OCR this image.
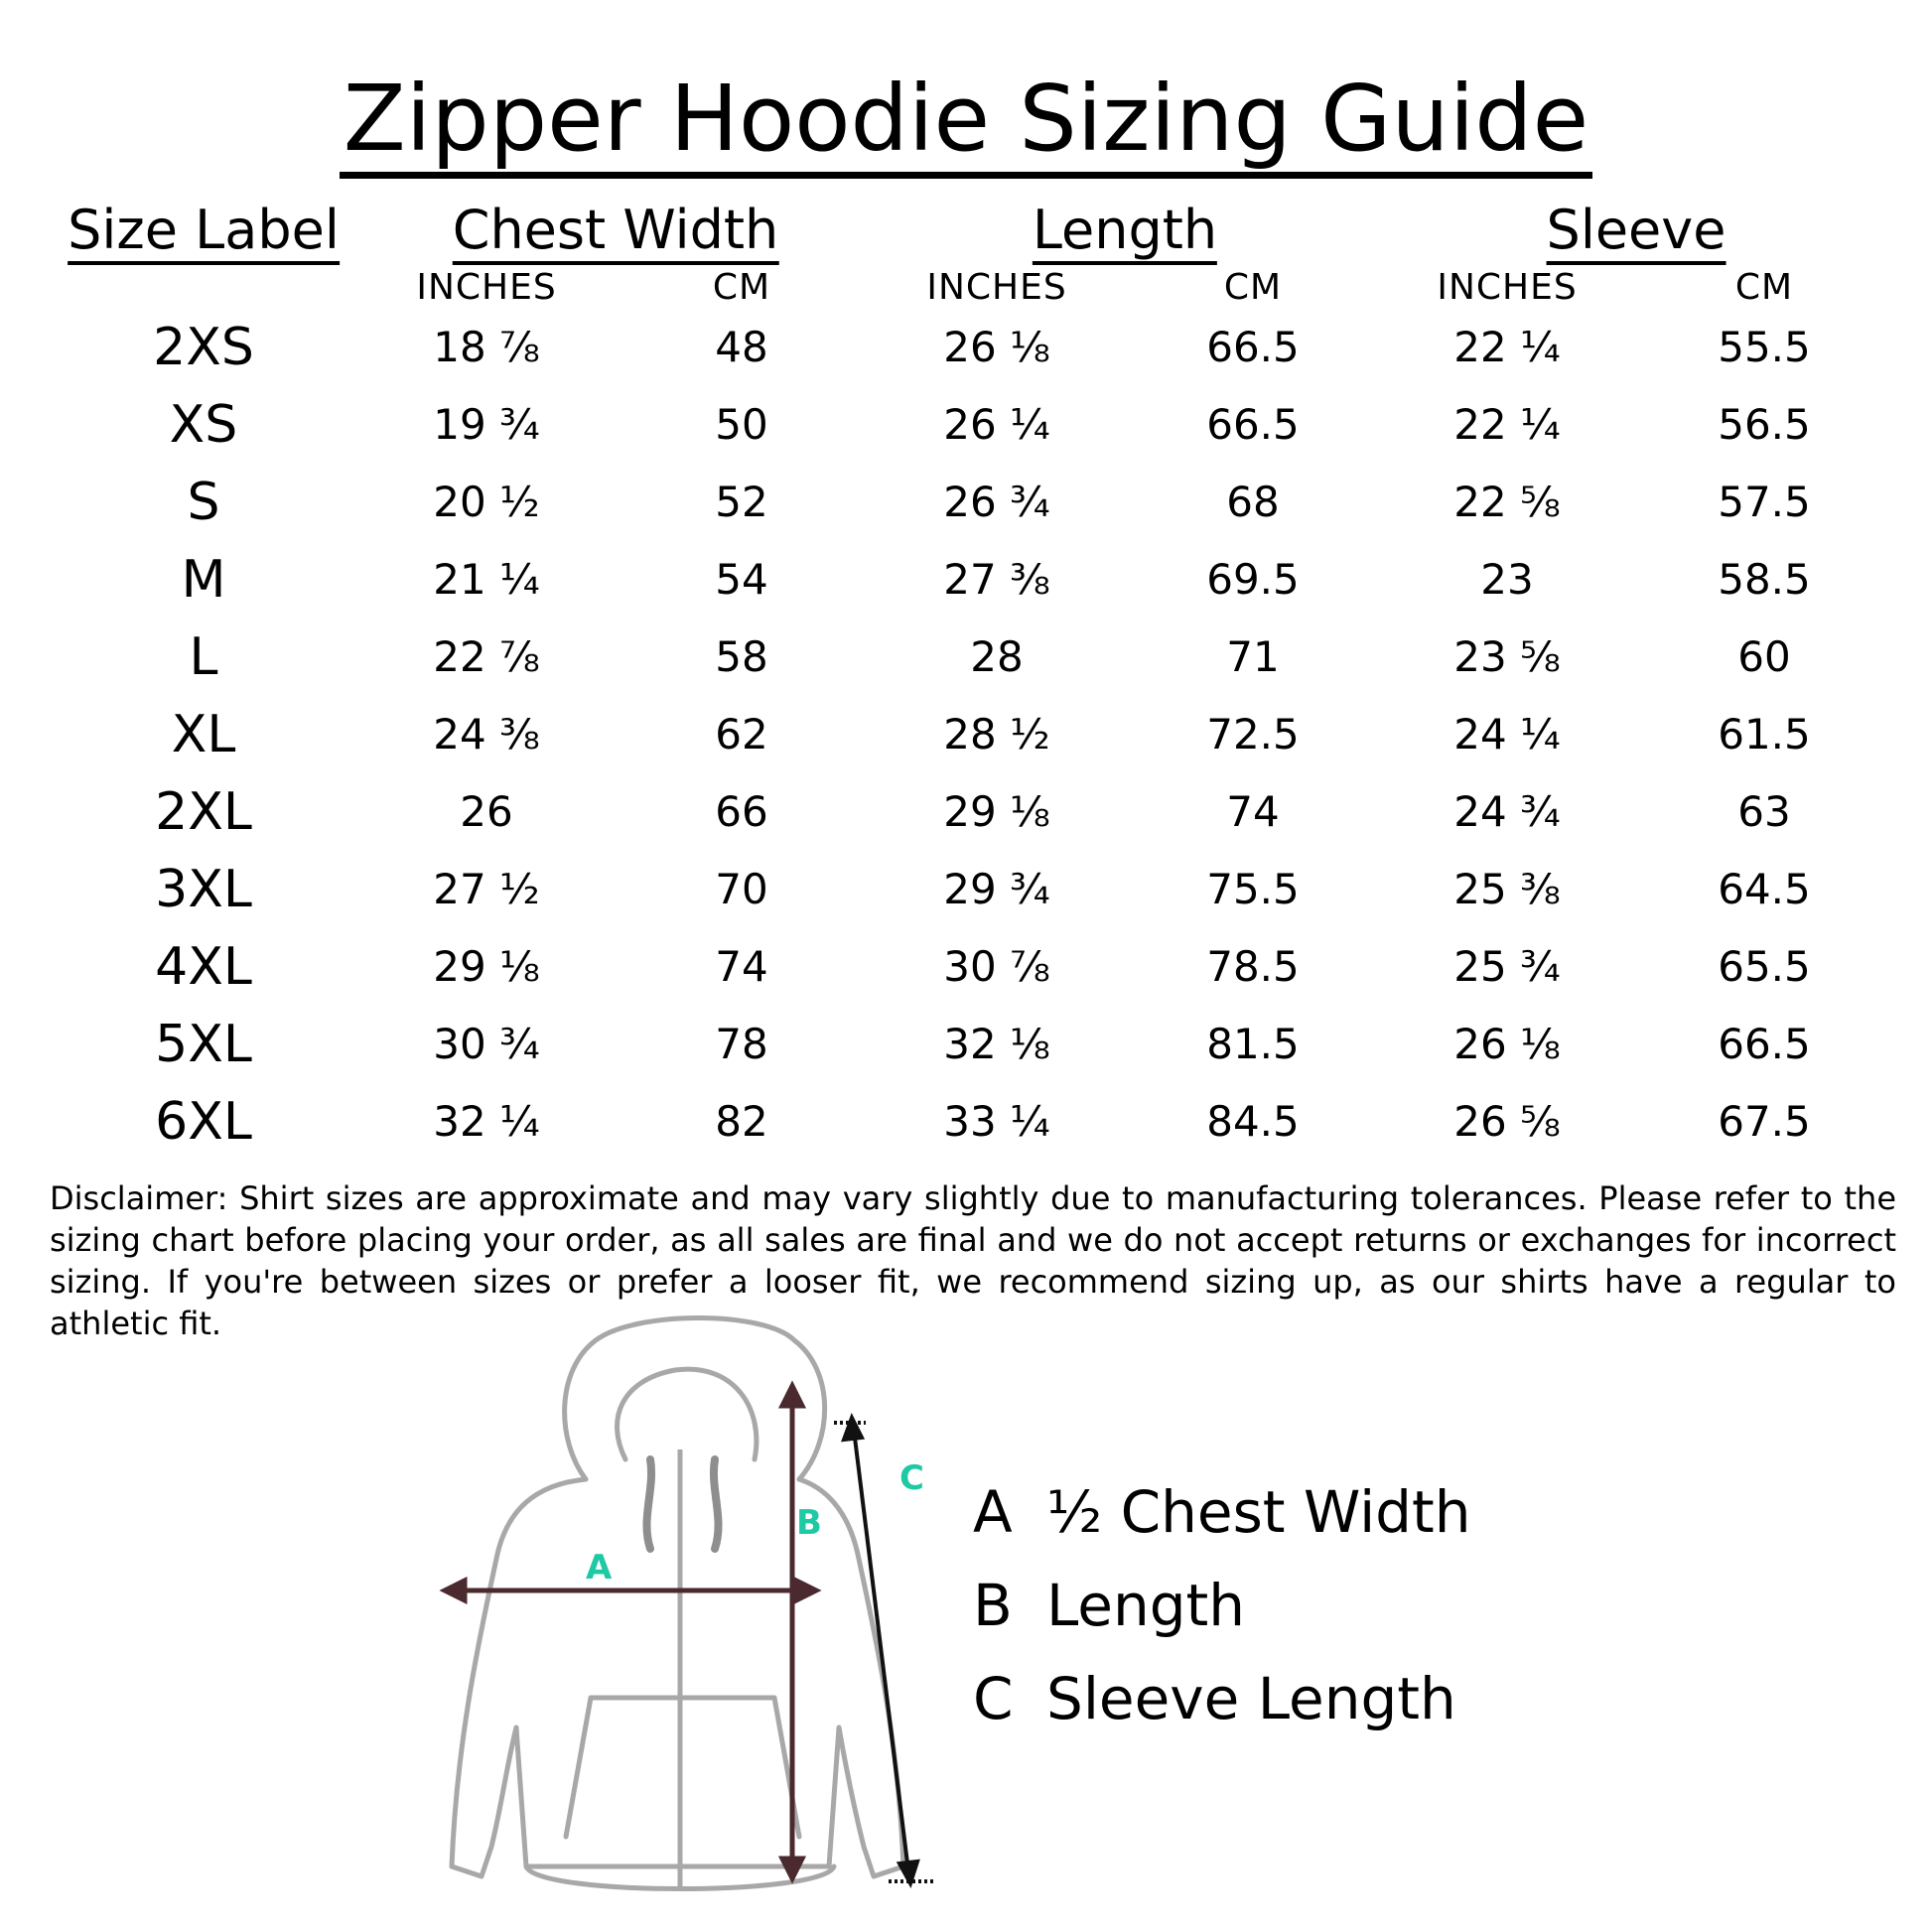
Zipper Hoodie Sizing Guide
Size Label Chest Width	Length	Sleeve
INCHES	CM	INCHES	CM	INCHES	CM
2XS	18 ⅞	48	26 ⅛	66.5	22 ¼	55.5
XS	19 ¾	50	26 ¼	66.5	22 ¼	56.5
S	20 ½	52	26 ¾	68	22 ⅝	57.5
M	21 ¼	54	27 ⅜	69.5	23	58.5
L	22 ⅞	58	28	71	23 ⅝	60
XL	24 ⅜	62	28 ½	72.5	24 ¼	61.5
2XL	26	66	29 ⅛	74	24 ¾	63
3XL	27 ½	70	29 ¾	75.5	25 ⅜	64.5
4XL	29 ⅛	74	30 ⅞	78.5	25 ¾	65.5
5XL	30 ¾	78	32 ⅛	81.5	26 ⅛	66.5
6XL	32 ¼	82	33 ¼	84.5	26 ⅝	67.5
Disclaimer: Shirt sizes are approximate and may vary slightly due to manufacturing tolerances. Please refer to the sizing chart before placing your order, as all sales are final and we do not accept returns or exchanges for incorrect sizing. If you're between sizes or prefer a looser fit, we recommend sizing up, as our shirts have a regular to athletic fit.
A
B
C A ½ Chest Width
B Length
C Sleeve Length
